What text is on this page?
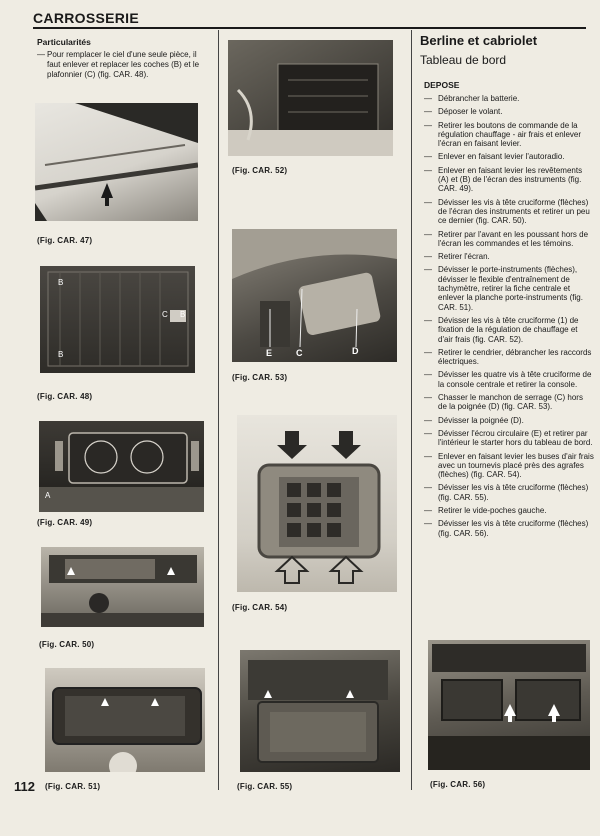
CARROSSERIE
Particularités
— Pour remplacer le ciel d'une seule pièce, il faut enlever et replacer les coches (B) et le plafonnier (C) (fig. CAR. 48).
(Fig. CAR. 47)
B
C B
B
(Fig. CAR. 48)
A
(Fig. CAR. 49)
(Fig. CAR. 50)
(Fig. CAR. 51)
(Fig. CAR. 52)
E	C	D
(Fig. CAR. 53)
(Fig. CAR. 54)
(Fig. CAR. 55)
Berline et cabriolet
Tableau de bord
DEPOSE
— Débrancher la batterie.
— Déposer le volant.
— Retirer les boutons de commande de la régulation chauffage - air frais et enlever l'écran en faisant levier.
— Enlever en faisant levier l'autoradio.
— Enlever en faisant levier les revêtements (A) et (B) de l'écran des instruments (fig. CAR. 49).
— Dévisser les vis à tête cruciforme (flèches) de l'écran des instruments et retirer un peu ce dernier (fig. CAR. 50).
— Retirer par l'avant en les poussant hors de l'écran les commandes et les témoins.
— Retirer l'écran.
— Dévisser le porte-instruments (flèches), dévisser le flexible d'entraînement de tachymètre, retirer la fiche centrale et enlever la planche porte-instruments (fig. CAR. 51).
— Dévisser les vis à tête cruciforme (1) de fixation de la régulation de chauffage et d'air frais (fig. CAR. 52).
— Retirer le cendrier, débrancher les raccords électriques.
— Dévisser les quatre vis à tête cruciforme de la console centrale et retirer la console.
— Chasser le manchon de serrage (C) hors de la poignée (D) (fig. CAR. 53).
— Dévisser la poignée (D).
— Dévisser l'écrou circulaire (E) et retirer par l'intérieur le starter hors du tableau de bord.
— Enlever en faisant levier les buses d'air frais avec un tournevis placé près des agrafes (flèches) (fig. CAR. 54).
— Dévisser les vis à tête cruciforme (flèches) (fig. CAR. 55).
— Retirer le vide-poches gauche.
— Dévisser les vis à tête cruciforme (flèches) (fig. CAR. 56).
(Fig. CAR. 56)
112
